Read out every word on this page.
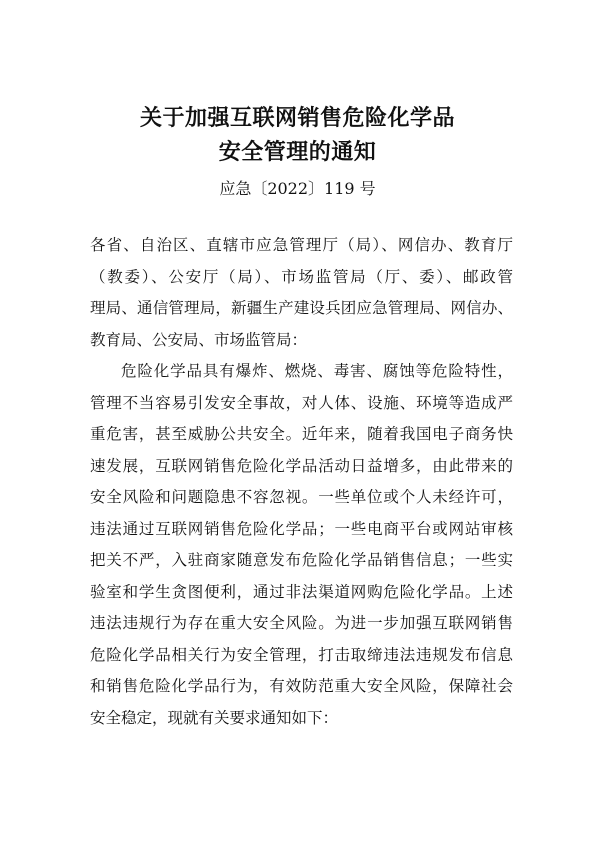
关于加强互联网销售危险化学品
安全管理的通知
应急〔2022〕119 号
各省、自治区、直辖市应急管理厅（局）、网信办、教育厅
（教委）、公安厅（局）、市场监管局（厅、委）、邮政管
理局、通信管理局，新疆生产建设兵团应急管理局、网信办、
教育局、公安局、市场监管局：
危险化学品具有爆炸、燃烧、毒害、腐蚀等危险特性，
管理不当容易引发安全事故，对人体、设施、环境等造成严
重危害，甚至威胁公共安全。近年来，随着我国电子商务快
速发展，互联网销售危险化学品活动日益增多，由此带来的
安全风险和问题隐患不容忽视。一些单位或个人未经许可，
违法通过互联网销售危险化学品；一些电商平台或网站审核
把关不严，入驻商家随意发布危险化学品销售信息；一些实
验室和学生贪图便利，通过非法渠道网购危险化学品。上述
违法违规行为存在重大安全风险。为进一步加强互联网销售
危险化学品相关行为安全管理，打击取缔违法违规发布信息
和销售危险化学品行为，有效防范重大安全风险，保障社会
安全稳定，现就有关要求通知如下：
